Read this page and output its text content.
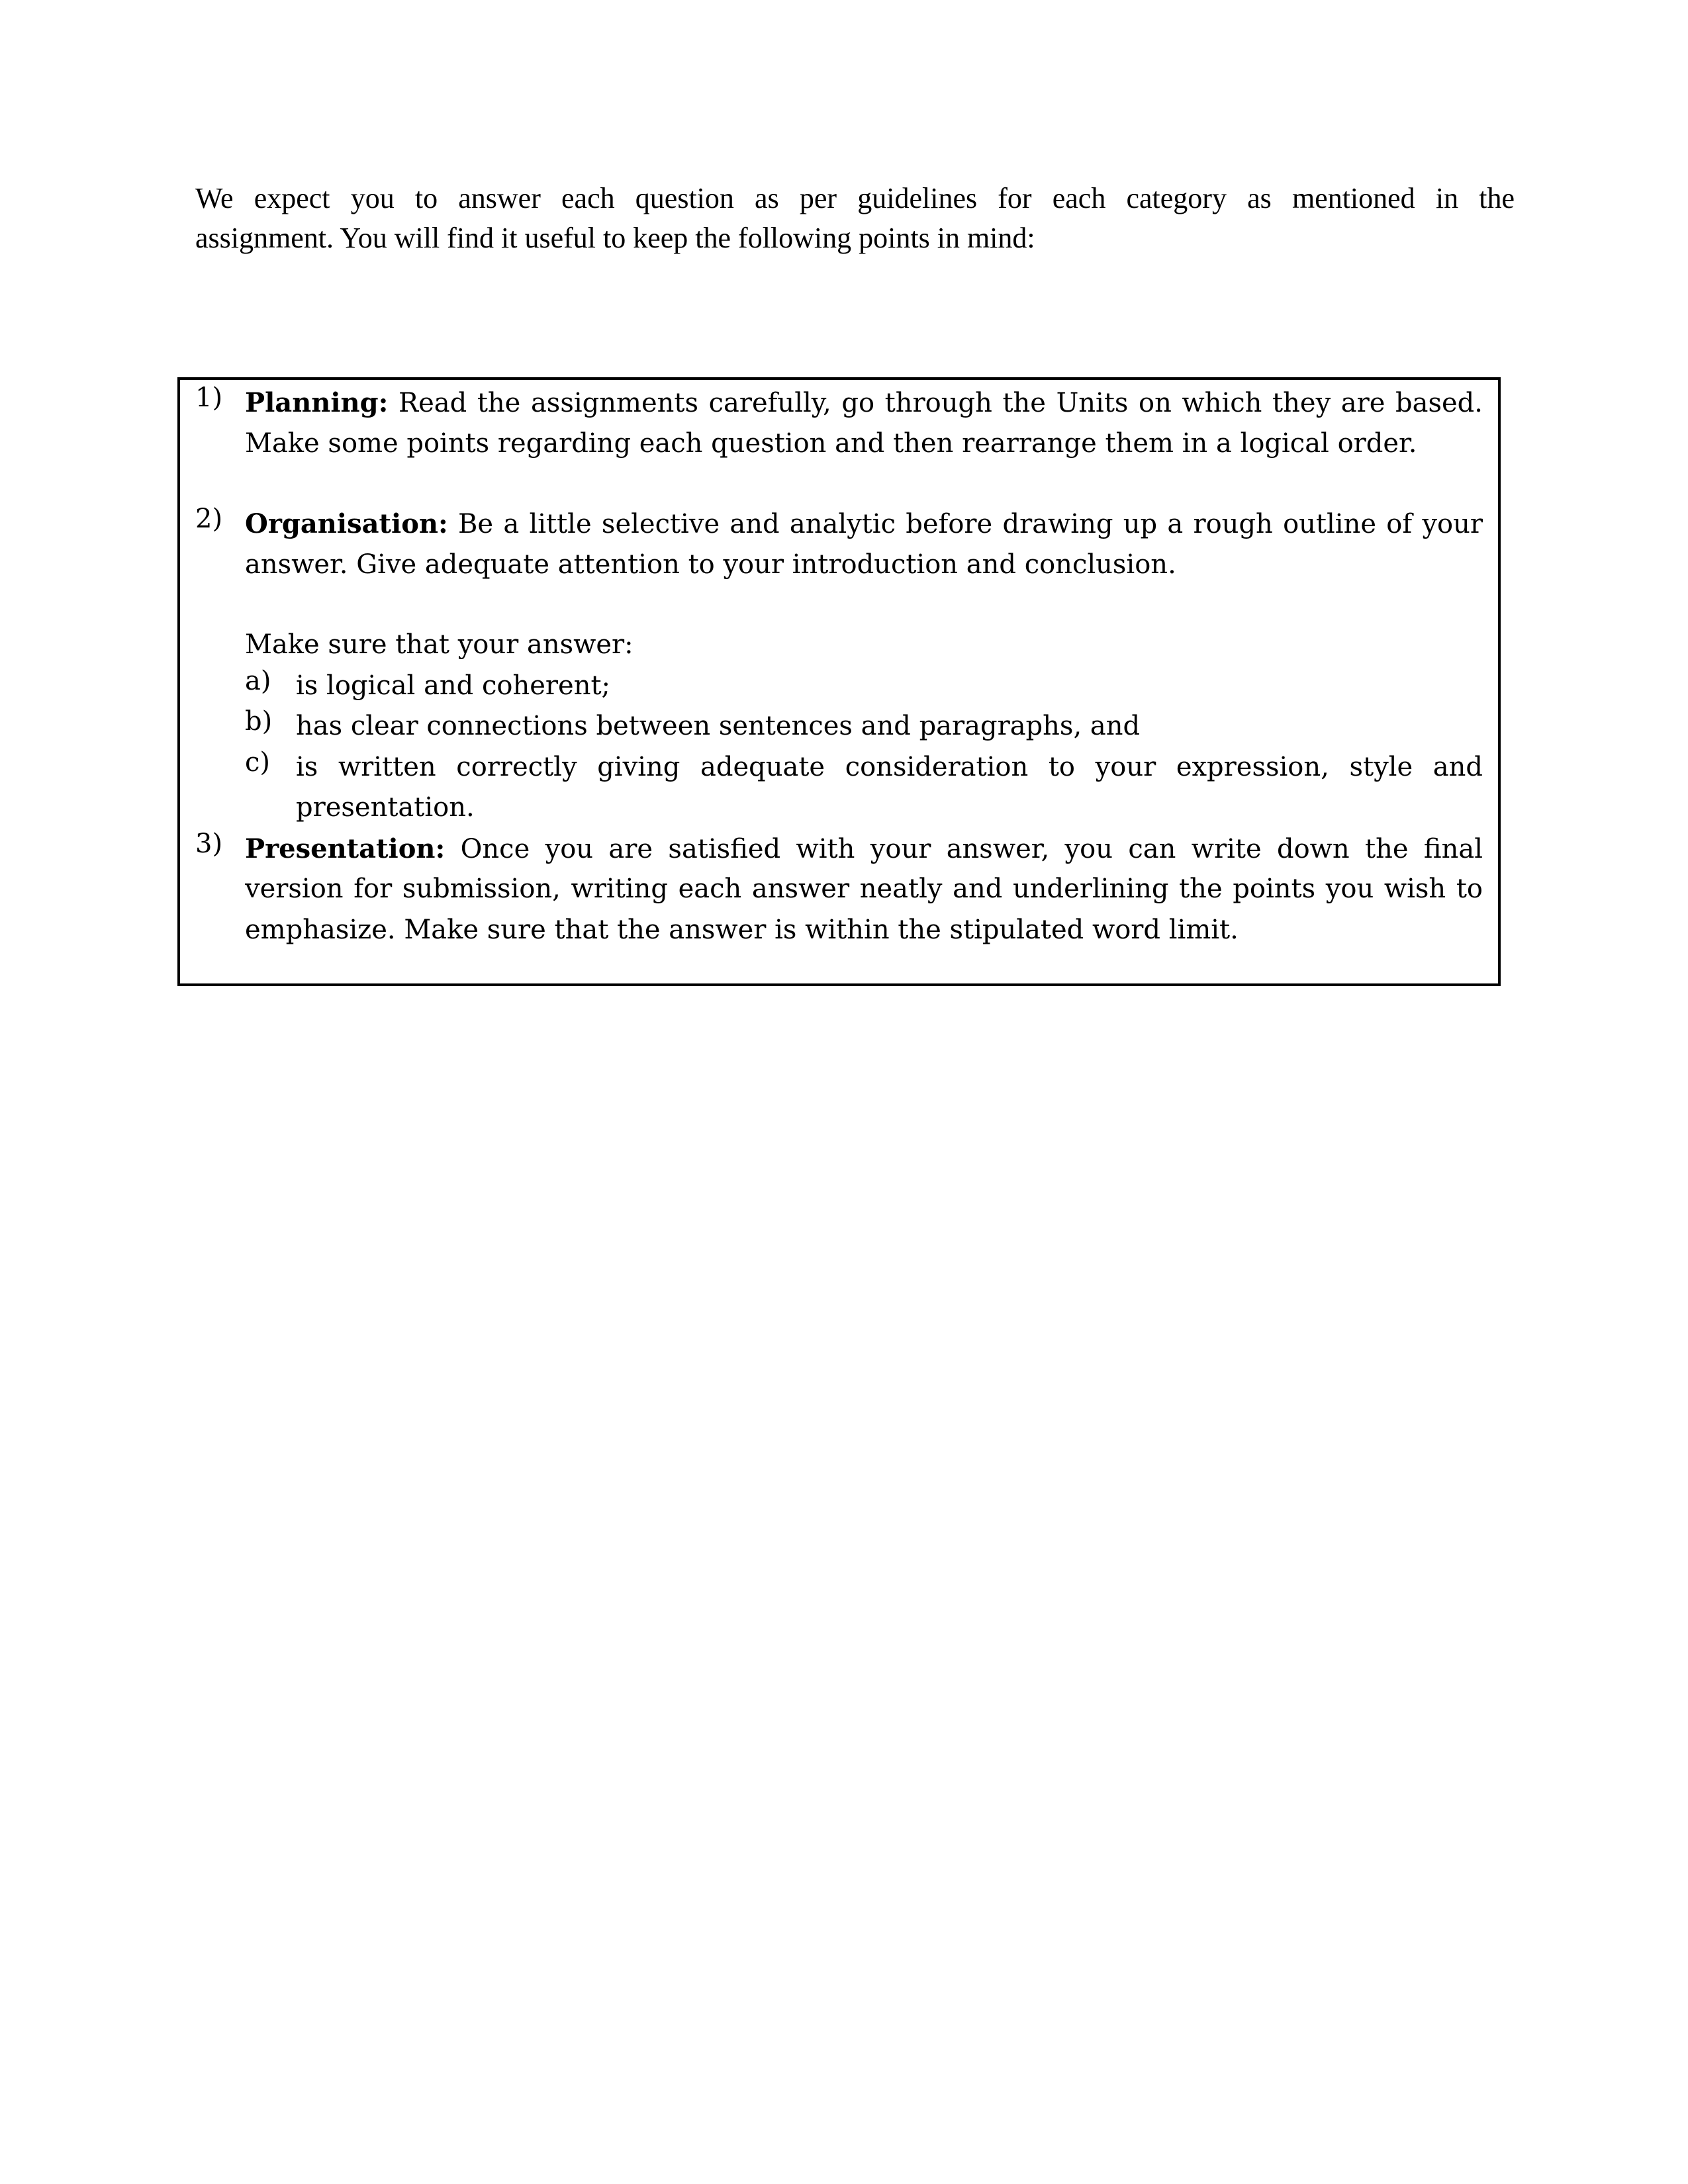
We expect you to answer each question as per guidelines for each category as mentioned in the
assignment. You will find it useful to keep the following points in mind:
1) Planning: Read the assignments carefully, go through the Units on which they are based.
Make some points regarding each question and then rearrange them in a logical order.
2) Organisation: Be a little selective and analytic before drawing up a rough outline of your
answer. Give adequate attention to your introduction and conclusion.
Make sure that your answer:
a) is logical and coherent;
b) has clear connections between sentences and paragraphs, and
c) is written correctly giving adequate consideration to your expression, style and
presentation.
3) Presentation: Once you are satisfied with your answer, you can write down the final
version for submission, writing each answer neatly and underlining the points you wish to
emphasize. Make sure that the answer is within the stipulated word limit.
